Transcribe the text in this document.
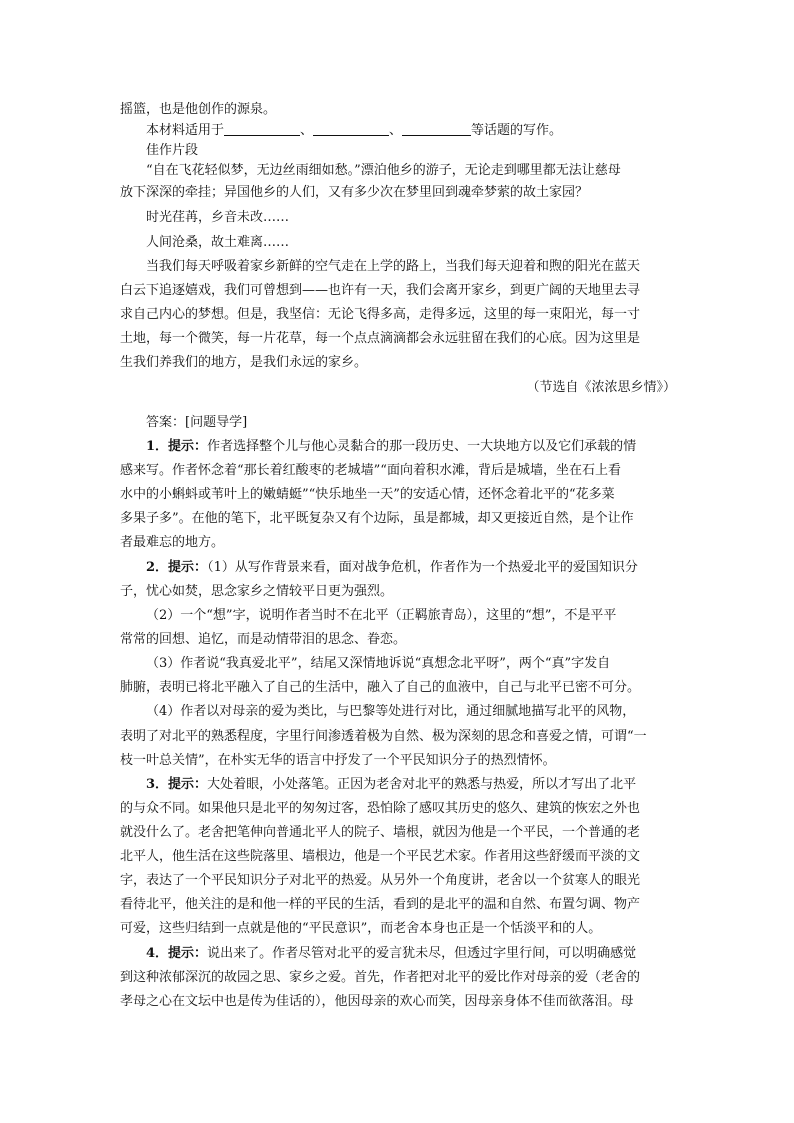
摇篮，也是他创作的源泉。
本材料适用于	、	、	等话题的写作。
佳作片段
“自在飞花轻似梦，无边丝雨细如愁。”漂泊他乡的游子，无论走到哪里都无法让慈母
放下深深的牵挂；异国他乡的人们，又有多少次在梦里回到魂牵梦萦的故土家园？
时光荏苒，乡音未改……
人间沧桑，故土难离……
当我们每天呼吸着家乡新鲜的空气走在上学的路上，当我们每天迎着和煦的阳光在蓝天
白云下追逐嬉戏，我们可曾想到——也许有一天，我们会离开家乡，到更广阔的天地里去寻
求自己内心的梦想。但是，我坚信：无论飞得多高，走得多远，这里的每一束阳光，每一寸
土地，每一个微笑，每一片花草，每一个点点滴滴都会永远驻留在我们的心底。因为这里是
生我们养我们的地方，是我们永远的家乡。
（节选自《浓浓思乡情》）
答案：[问题导学]
1．提示：作者选择整个儿与他心灵黏合的那一段历史、一大块地方以及它们承载的情
感来写。作者怀念着“那长着红酸枣的老城墙”“面向着积水滩，背后是城墙，坐在石上看
水中的小蝌蚪或苇叶上的嫩蜻蜓”“快乐地坐一天”的安适心情，还怀念着北平的“花多菜
多果子多”。在他的笔下，北平既复杂又有个边际，虽是都城，却又更接近自然，是个让作
者最难忘的地方。
2．提示：（1）从写作背景来看，面对战争危机，作者作为一个热爱北平的爱国知识分
子，忧心如焚，思念家乡之情较平日更为强烈。
（2）一个“想”字，说明作者当时不在北平（正羁旅青岛），这里的“想”，不是平平
常常的回想、追忆，而是动情带泪的思念、眷恋。
（3）作者说“我真爱北平”，结尾又深情地诉说“真想念北平呀”，两个“真”字发自
肺腑，表明已将北平融入了自己的生活中，融入了自己的血液中，自己与北平已密不可分。
（4）作者以对母亲的爱为类比，与巴黎等处进行对比，通过细腻地描写北平的风物，
表明了对北平的熟悉程度，字里行间渗透着极为自然、极为深刻的思念和喜爱之情，可谓“一
枝一叶总关情”，在朴实无华的语言中抒发了一个平民知识分子的热烈情怀。
3．提示：大处着眼，小处落笔。正因为老舍对北平的熟悉与热爱，所以才写出了北平
的与众不同。如果他只是北平的匆匆过客，恐怕除了感叹其历史的悠久、建筑的恢宏之外也
就没什么了。老舍把笔伸向普通北平人的院子、墙根，就因为他是一个平民，一个普通的老
北平人，他生活在这些院落里、墙根边，他是一个平民艺术家。作者用这些舒缓而平淡的文
字，表达了一个平民知识分子对北平的热爱。从另外一个角度讲，老舍以一个贫寒人的眼光
看待北平，他关注的是和他一样的平民的生活，看到的是北平的温和自然、布置匀调、物产
可爱，这些归结到一点就是他的“平民意识”，而老舍本身也正是一个恬淡平和的人。
4．提示：说出来了。作者尽管对北平的爱言犹未尽，但透过字里行间，可以明确感觉
到这种浓郁深沉的故园之思、家乡之爱。首先，作者把对北平的爱比作对母亲的爱（老舍的
孝母之心在文坛中也是传为佳话的），他因母亲的欢心而笑，因母亲身体不佳而欲落泪。母
